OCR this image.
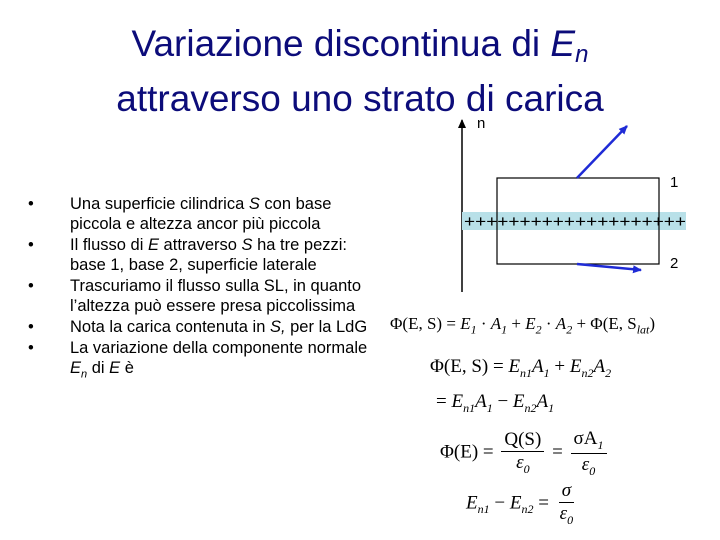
Variazione discontinua di $E_n$
attraverso uno strato di carica
n
++++++++++++++++++++
1
2
• Una superficie cilindrica S con base piccola e altezza ancor più piccola
• Il flusso di E attraverso S ha tre pezzi: base 1, base 2, superficie laterale
• Trascuriamo il flusso sulla SL, in quanto l’altezza può essere presa piccolissima
• Nota la carica contenuta in S, per la LdG
• La variazione della componente normale $E_n$ di E è
Φ(E, $S) = E_1 \cdot A_1 + E_2 \cdot A_2 + \Phi(E$, $S_{lat}$)
Φ(E, $S) = E_{n1}A_1 + E_{n2}A_2$
= $E_{n1}A_1 - E_{n2}A_1$
$\Phi(E) = \frac{Q(S)}{\varepsilon_0} = \frac{\sigma A_1}{\varepsilon_0}$
$E_{n1} - E_{n2} = \frac{\sigma}{\varepsilon_0}$
